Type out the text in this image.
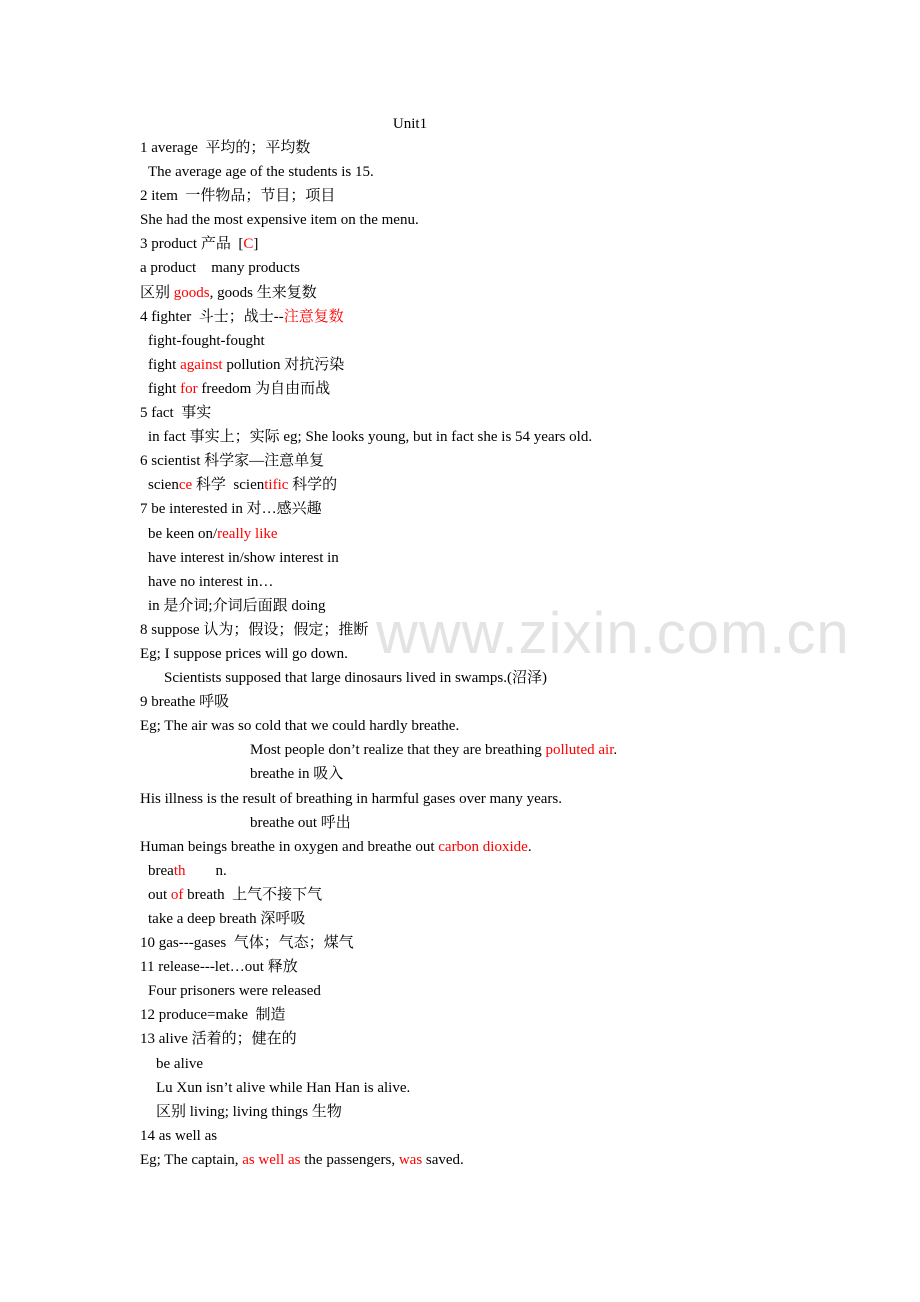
www.zixin.com.cn
Unit1
1 average  平均的；平均数
The average age of the students is 15.
2 item  一件物品；节目；项目
She had the most expensive item on the menu.
3 product 产品  [C]
a product    many products
区别 goods, goods 生来复数
4 fighter  斗士；战士--注意复数
fight-fought-fought
fight against pollution 对抗污染
fight for freedom 为自由而战
5 fact  事实
in fact 事实上；实际 eg; She looks young, but in fact she is 54 years old.
6 scientist 科学家—注意单复
science 科学  scientific 科学的
7 be interested in 对…感兴趣
be keen on/really like
have interest in/show interest in
have no interest in…
in 是介词;介词后面跟 doing
8 suppose 认为；假设；假定；推断
Eg; I suppose prices will go down.
Scientists supposed that large dinosaurs lived in swamps.(沼泽)
9 breathe 呼吸
Eg; The air was so cold that we could hardly breathe.
Most people don’t realize that they are breathing polluted air.
breathe in 吸入
His illness is the result of breathing in harmful gases over many years.
breathe out 呼出
Human beings breathe in oxygen and breathe out carbon dioxide.
breath        n.
out of breath  上气不接下气
take a deep breath 深呼吸
10 gas---gases  气体；气态；煤气
11 release---let…out 释放
Four prisoners were released
12 produce=make  制造
13 alive 活着的；健在的
be alive
Lu Xun isn’t alive while Han Han is alive.
区别 living; living things 生物
14 as well as
Eg; The captain, as well as the passengers, was saved.
